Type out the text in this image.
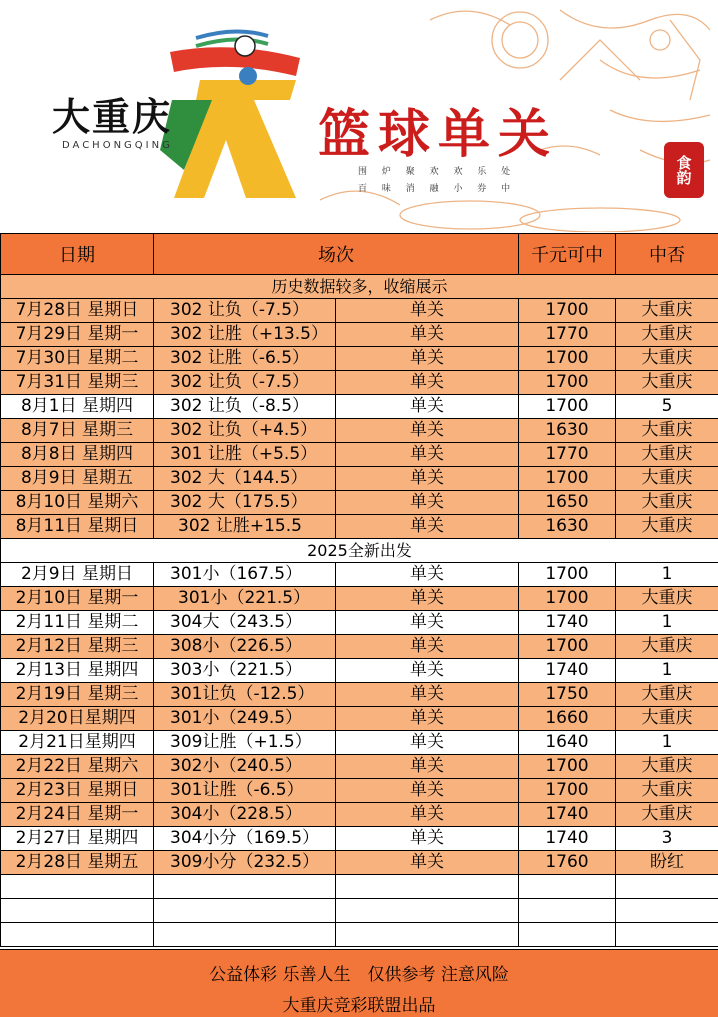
大重庆
DACHONGQING	篮球单关
围 炉 聚 欢 欢 乐 处
百 味 消 融 小 券 中
食韵
日期	场次		千元可中	中否
历史数据较多，收缩展示				
7月28日 星期日	302 让负（-7.5）	单关	1700	大重庆
7月29日 星期一	302 让胜（+13.5）	单关	1770	大重庆
7月30日 星期二	302 让胜（-6.5）	单关	1700	大重庆
7月31日 星期三	302 让负（-7.5）	单关	1700	大重庆
8月1日 星期四	302 让负（-8.5）	单关	1700	5
8月7日 星期三	302 让负（+4.5）	单关	1630	大重庆
8月8日 星期四	301 让胜（+5.5）	单关	1770	大重庆
8月9日 星期五	302 大（144.5）	单关	1700	大重庆
8月10日 星期六	302 大（175.5）	单关	1650	大重庆
8月11日 星期日	302 让胜+15.5	单关	1630	大重庆
2025全新出发				
2月9日 星期日	301小（167.5）	单关	1700	1
2月10日 星期一	301小（221.5）	单关	1700	大重庆
2月11日 星期二	304大（243.5）	单关	1740	1
2月12日 星期三	308小（226.5）	单关	1700	大重庆
2月13日 星期四	303小（221.5）	单关	1740	1
2月19日 星期三	301让负（-12.5）	单关	1750	大重庆
2月20日星期四	301小（249.5）	单关	1660	大重庆
2月21日星期四	309让胜（+1.5）	单关	1640	1
2月22日 星期六	302小（240.5）	单关	1700	大重庆
2月23日 星期日	301让胜（-6.5）	单关	1700	大重庆
2月24日 星期一	304小（228.5）	单关	1740	大重庆
2月27日 星期四	304小分（169.5）	单关	1740	3
2月28日 星期五	309小分（232.5）	单关	1760	盼红

公益体彩 乐善人生　仅供参考 注意风险
大重庆竞彩联盟出品
